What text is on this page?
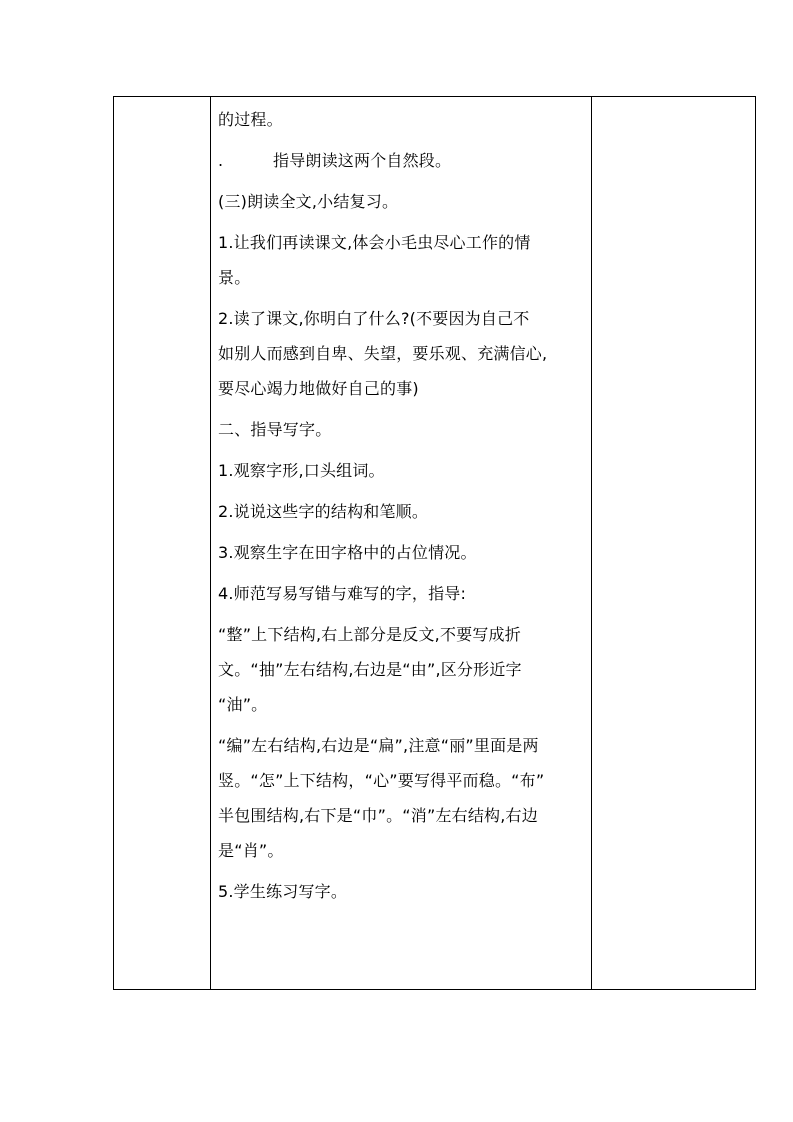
的过程。
.	指导朗读这两个自然段。
(三)朗读全文,小结复习。
1.让我们再读课文,体会小毛虫尽心工作的情
景。
2.读了课文,你明白了什么?(不要因为自己不
如别人而感到自卑、失望，要乐观、充满信心,
要尽心竭力地做好自己的事)
二、指导写字。
1.观察字形,口头组词。
2.说说这些字的结构和笔顺。
3.观察生字在田字格中的占位情况。
4.师范写易写错与难写的字，指导:
“整”上下结构,右上部分是反文,不要写成折
文。“抽”左右结构,右边是“由”,区分形近字
“油”。
“编”左右结构,右边是“扁”,注意“丽”里面是两
竖。“怎”上下结构，“心”要写得平而稳。“布”
半包围结构,右下是“巾”。“消”左右结构,右边
是“肖”。
5.学生练习写字。
